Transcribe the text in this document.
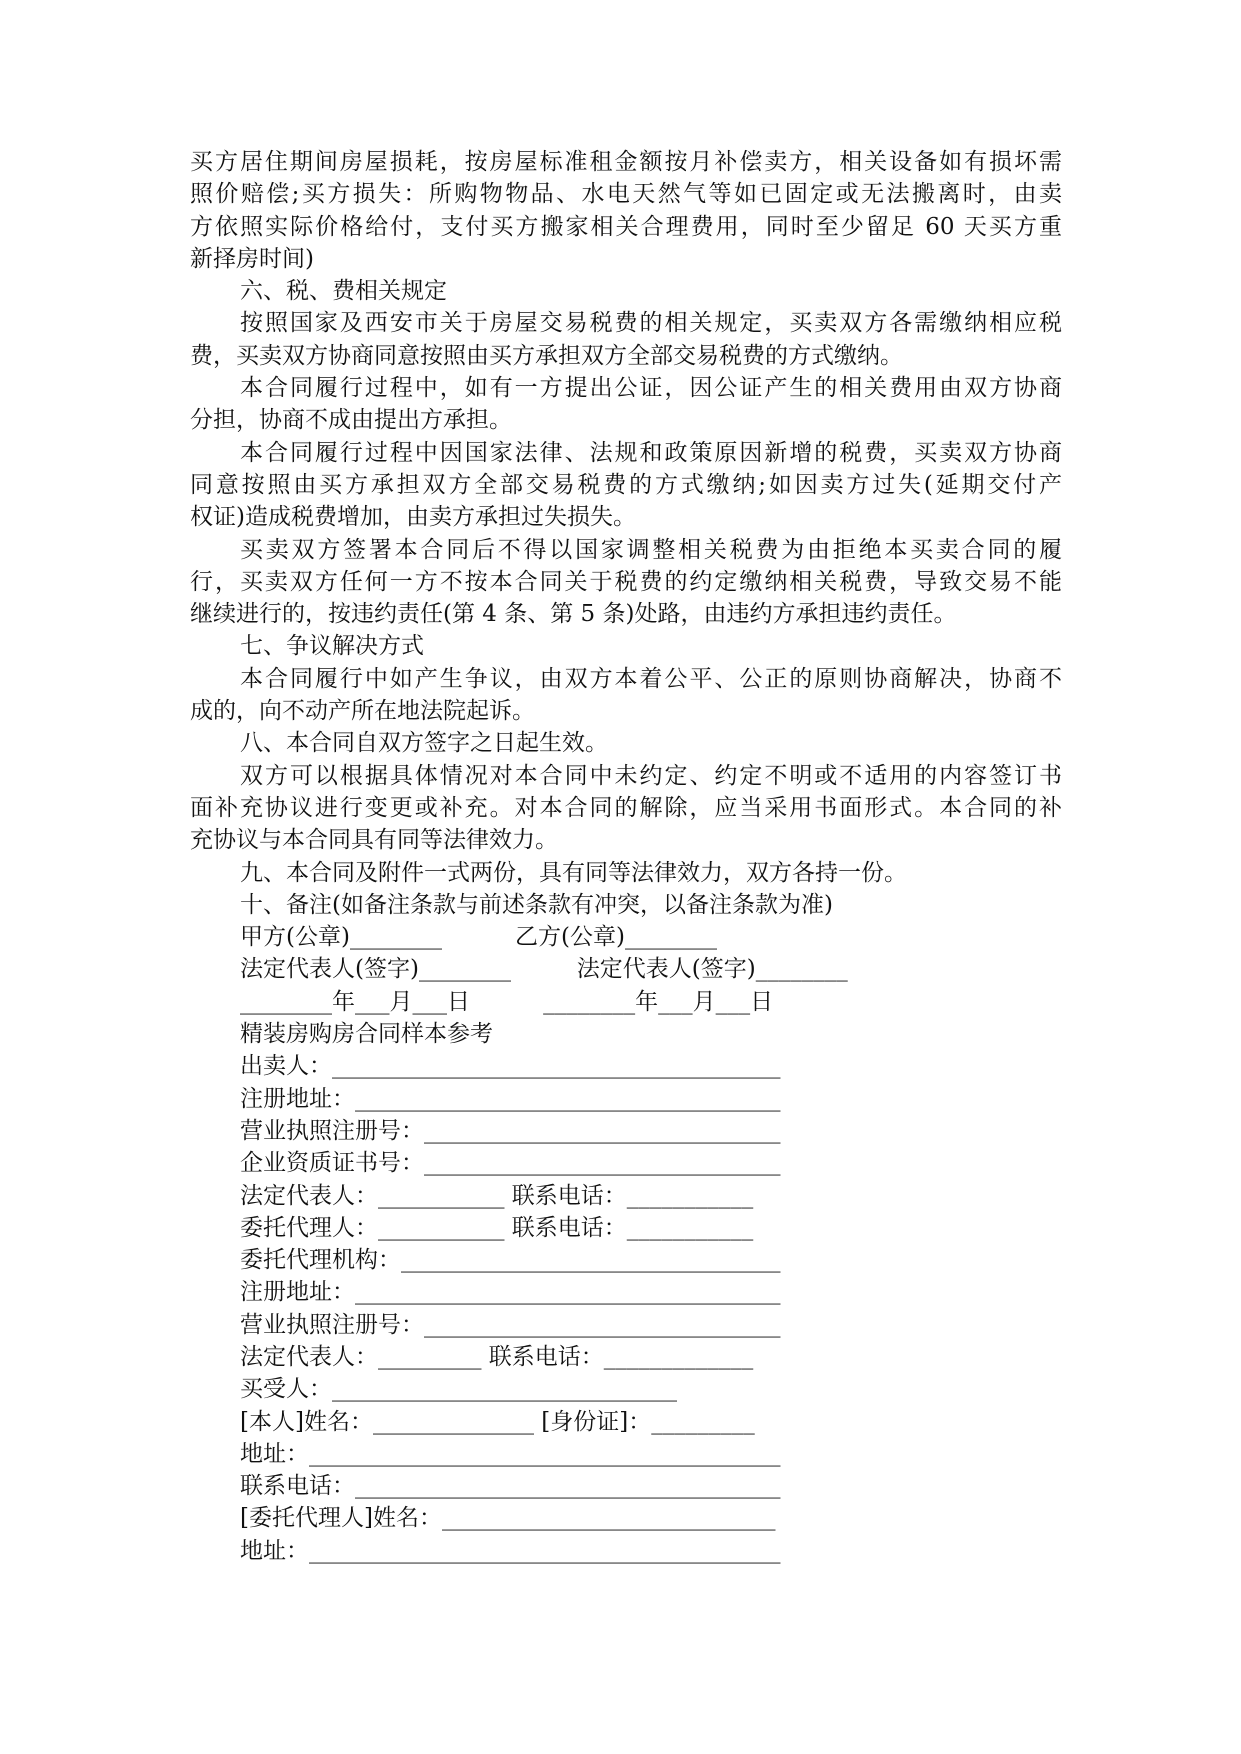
买方居住期间房屋损耗，按房屋标准租金额按月补偿卖方，相关设备如有损坏需
照价赔偿;买方损失：所购物物品、水电天然气等如已固定或无法搬离时，由卖
方依照实际价格给付，支付买方搬家相关合理费用，同时至少留足 60 天买方重
新择房时间)
六、税、费相关规定
按照国家及西安市关于房屋交易税费的相关规定，买卖双方各需缴纳相应税
费，买卖双方协商同意按照由买方承担双方全部交易税费的方式缴纳。
本合同履行过程中，如有一方提出公证，因公证产生的相关费用由双方协商
分担，协商不成由提出方承担。
本合同履行过程中因国家法律、法规和政策原因新增的税费，买卖双方协商
同意按照由买方承担双方全部交易税费的方式缴纳;如因卖方过失(延期交付产
权证)造成税费增加，由卖方承担过失损失。
买卖双方签署本合同后不得以国家调整相关税费为由拒绝本买卖合同的履
行，买卖双方任何一方不按本合同关于税费的约定缴纳相关税费，导致交易不能
继续进行的，按违约责任(第 4 条、第 5 条)处路，由违约方承担违约责任。
七、争议解决方式
本合同履行中如产生争议，由双方本着公平、公正的原则协商解决，协商不
成的，向不动产所在地法院起诉。
八、本合同自双方签字之日起生效。
双方可以根据具体情况对本合同中未约定、约定不明或不适用的内容签订书
面补充协议进行变更或补充。对本合同的解除，应当采用书面形式。本合同的补
充协议与本合同具有同等法律效力。
九、本合同及附件一式两份，具有同等法律效力，双方各持一份。
十、备注(如备注条款与前述条款有冲突，以备注条款为准)
甲方(公章)________          乙方(公章)________
法定代表人(签字)________         法定代表人(签字)________
________年___月___日          ________年___月___日
精装房购房合同样本参考
出卖人：_______________________________________
注册地址：_____________________________________
营业执照注册号：_______________________________
企业资质证书号：_______________________________
法定代表人：___________ 联系电话：___________
委托代理人：___________ 联系电话：___________
委托代理机构：_________________________________
注册地址：_____________________________________
营业执照注册号：_______________________________
法定代表人：_________ 联系电话：_____________
买受人：______________________________
[本人]姓名：______________ [身份证]：_________
地址：_________________________________________
联系电话：_____________________________________
[委托代理人]姓名：_____________________________
地址：_________________________________________
